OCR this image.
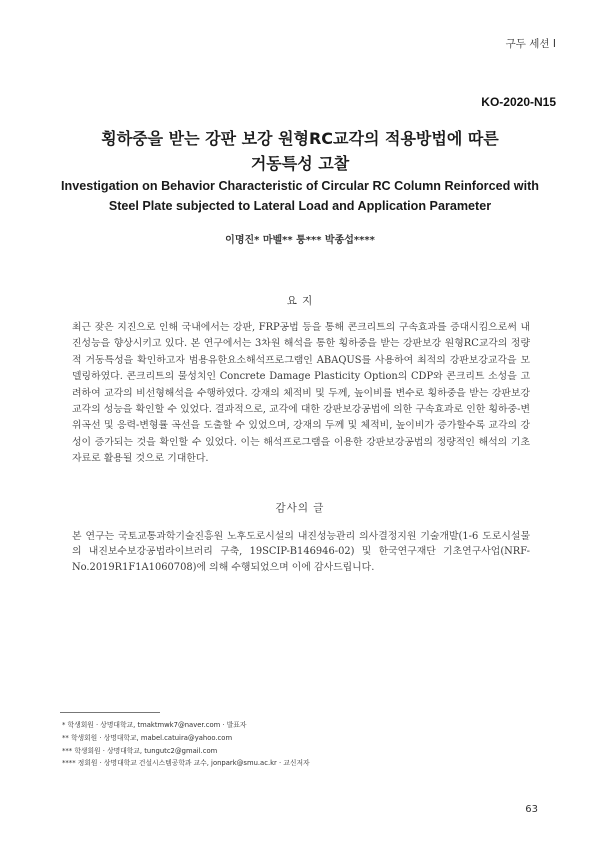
구두 세션 Ⅰ
KO-2020-N15
횡하중을 받는 강판 보강 원형RC교각의 적용방법에 따른
거동특성 고찰
Investigation on Behavior Characteristic of Circular RC Column Reinforced with
Steel Plate subjected to Lateral Load and Application Parameter
이명진* 마벨** 퉁*** 박종섭****
요 지
최근 잦은 지진으로 인해 국내에서는 강판, FRP공법 등을 통해 콘크리트의 구속효과를 증대시킴으로써 내진성능을 향상시키고 있다. 본 연구에서는 3차원 해석을 통한 횡하중을 받는 강판보강 원형RC교각의 정량적 거동특성을 확인하고자 범용유한요소해석프로그램인 ABAQUS를 사용하여 최적의 강판보강교각을 모델링하였다. 콘크리트의 물성치인 Concrete Damage Plasticity Option의 CDP와 콘크리트 소성을 고려하여 교각의 비선형해석을 수행하였다. 강재의 체적비 및 두께, 높이비를 변수로 횡하중을 받는 강판보강교각의 성능을 확인할 수 있었다. 결과적으로, 교각에 대한 강판보강공법에 의한 구속효과로 인한 횡하중-변위곡선 및 응력-변형률 곡선을 도출할 수 있었으며, 강재의 두께 및 체적비, 높이비가 증가할수록 교각의 강성이 증가되는 것을 확인할 수 있었다. 이는 해석프로그램을 이용한 강판보강공법의 정량적인 해석의 기초자료로 활용될 것으로 기대한다.
감사의 글
본 연구는 국토교통과학기술진흥원 노후도로시설의 내진성능관리 의사결정지원 기술개발(1-6 도로시설물의 내진보수보강공법라이브러리 구축, 19SCIP-B146946-02) 및 한국연구재단 기초연구사업(NRF-No.2019R1F1A1060708)에 의해 수행되었으며 이에 감사드립니다.
* 학생회원 · 상명대학교, tmaktmwk7@naver.com · 발표자
** 학생회원 · 상명대학교, mabel.catuira@yahoo.com
*** 학생회원 · 상명대학교, tungutc2@gmail.com
**** 정회원 · 상명대학교 건설시스템공학과 교수, jonpark@smu.ac.kr · 교신저자
63
